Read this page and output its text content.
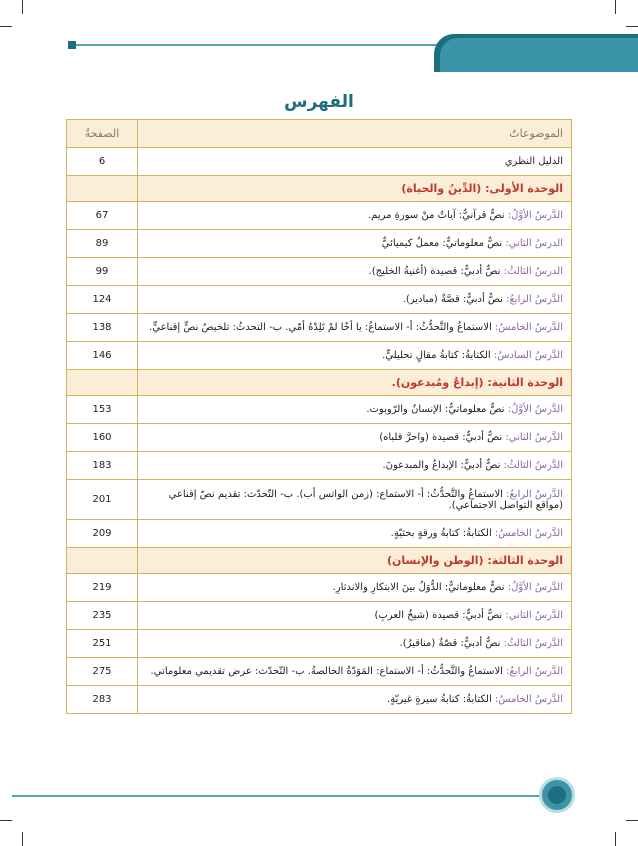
الفهرس
الموضوعاتُ	الصفحةُ
الدليل النظري	6
الوحدة الأولى: (الدِّينُ والحياة)	
الدَّرسُ الأوَّلُ: نصٌّ قرآنيٌّ: آياتٌ منْ سورةِ مريم.	67
الدرسُ الثاني: نصٌّ معلوماتيٌّ: معملٌ كيميائيٌّ	89
الدرسُ الثالثُ: نصٌّ أدبيٌّ: قصيدة (أغنيةُ الخليج).	99
الدَّرسُ الرابعُ: نصٌّ أدبيٌّ: قصَّةٌ (مبادير).	124
الدَّرسُ الخامسُ: الاستماعُ والتَّحدُّثُ: أ- الاستماعُ: يا أخًا لمْ تَلِدْهُ أمّي. ب- التحدثُ: تلخيصُ نصٍّ إقناعيٍّ.	138
الدَّرسُ السادسُ: الكتابةُ: كتابةُ مقالٍ تحليليٍّ.	146
الوحدة الثانية: (إبداعٌ ومُبدعون).	
الدَّرسُ الأوَّلُ: نصٌّ معلوماتيٌّ: الإنسانُ والرّوبوت.	153
الدَّرسُ الثاني: نصٌّ أدبيٌّ: قصيدة (واحرَّ قلباه)	160
الدَّرسُ الثالثُ: نصٌّ أدبيٌّ: الإبداعُ والمبدعونَ.	183
الدَّرسُ الرابعُ: الاستماعُ والتَّحدُّثُ: أ- الاستماع: (زمن الواتس أب). ب- التّحدّث: تقديم نصّ إقناعي (مواقع التواصل الاجتماعي).	201
الدَّرسُ الخامسُ: الكتابةُ: كتابةُ ورقةٍ بحثيّةٍ.	209
الوحدة الثالثة: (الوطن والإنسان)	
الدَّرسُ الأوَّلُ: نصٌّ معلوماتيٌّ: الدُّوَلُ بينَ الابتكارِ والاندثارِ.	219
الدَّرسُ الثاني: نصٌّ أدبيٌّ: قصيدة (شيخُ العربِ)	235
الدَّرسُ الثالثُ: نصٌّ أدبيٌّ: قصّةٌ (مناقيرُ).	251
الدَّرسُ الرابعُ: الاستماعُ والتَّحدُّثُ: أ- الاستماع: المَوَدّةُ الخالصةُ. ب- التّحدّث: عرض تقديمي معلوماتي.	275
الدَّرسُ الخامسُ: الكتابةُ: كتابةُ سيرةٍ غيريّةٍ.	283
